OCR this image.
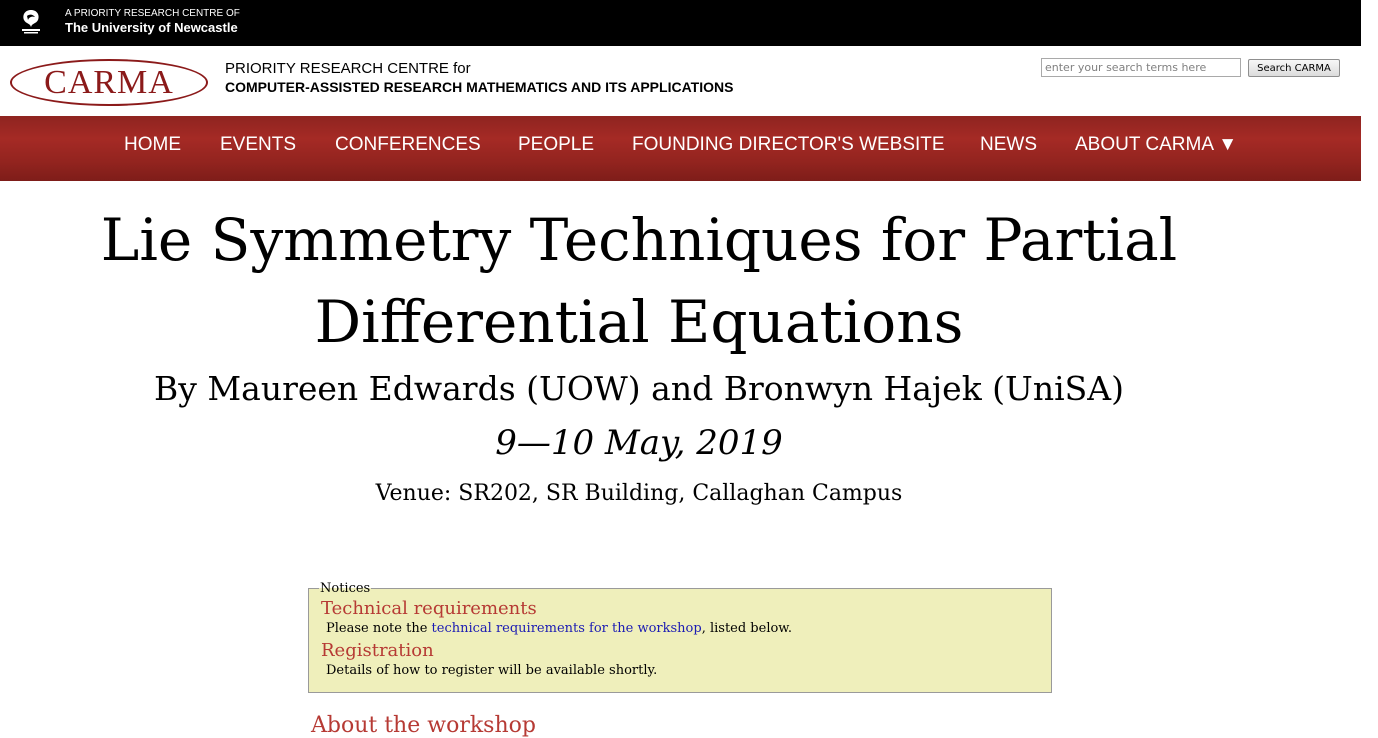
A PRIORITY RESEARCH CENTRE OF
The University of Newcastle
CARMA	PRIORITY RESEARCH CENTRE for
COMPUTER-ASSISTED RESEARCH MATHEMATICS AND ITS APPLICATIONS
enter your search terms here
Search CARMA
HOME EVENTS CONFERENCES PEOPLE FOUNDING DIRECTOR'S WEBSITE NEWS ABOUT CARMA ▼
Lie Symmetry Techniques for Partial Differential Equations
By Maureen Edwards (UOW) and Bronwyn Hajek (UniSA)
9—10 May, 2019
Venue: SR202, SR Building, Callaghan Campus
Notices
Technical requirements

Please note the technical requirements for the workshop, listed below.

Registration

Details of how to register will be available shortly.

About the workshop
